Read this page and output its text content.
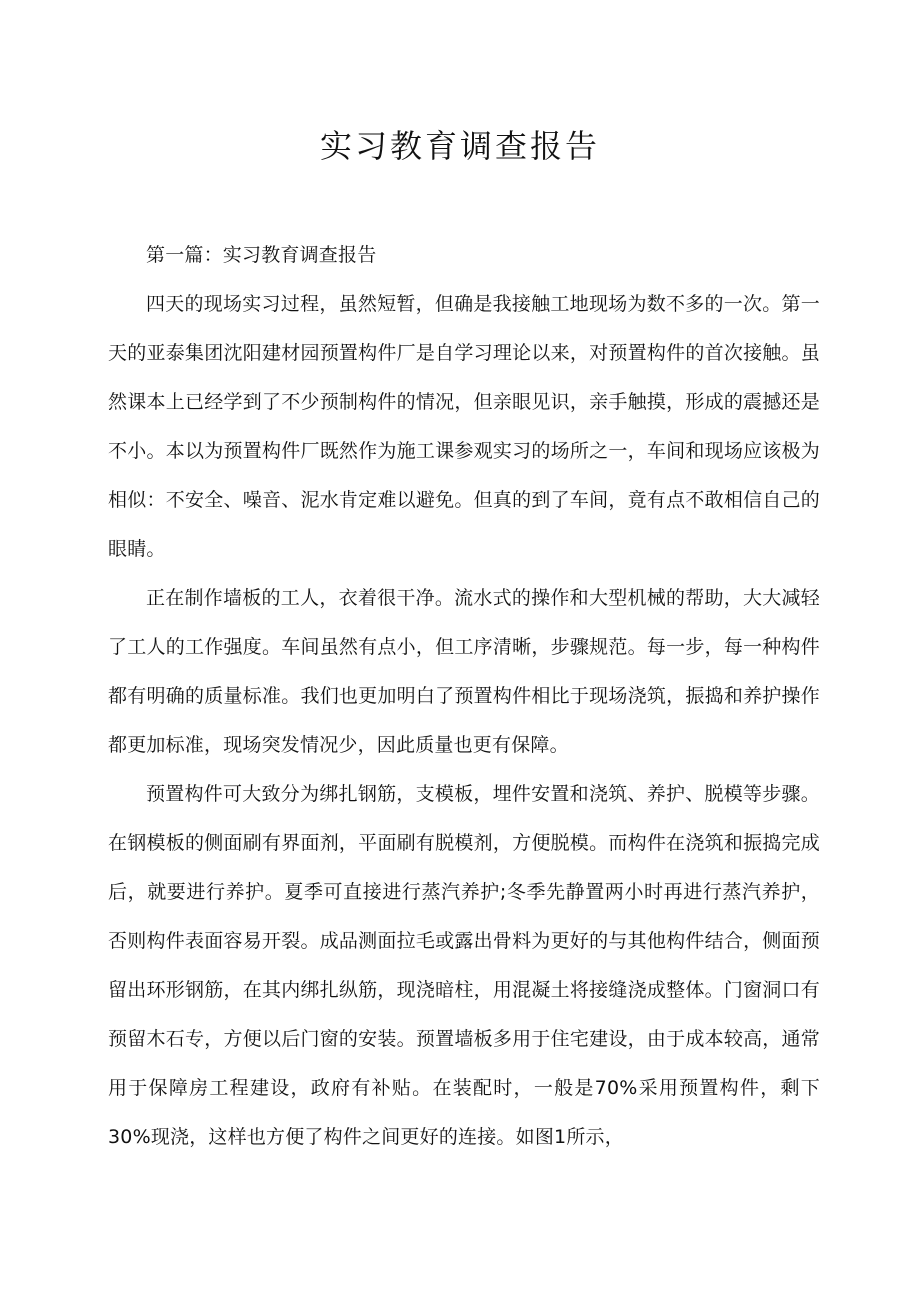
实习教育调查报告

第一篇：实习教育调查报告

四天的现场实习过程，虽然短暂，但确是我接触工地现场为数不多的一次。第一天的亚泰集团沈阳建材园预置构件厂是自学习理论以来，对预置构件的首次接触。虽然课本上已经学到了不少预制构件的情况，但亲眼见识，亲手触摸，形成的震撼还是不小。本以为预置构件厂既然作为施工课参观实习的场所之一，车间和现场应该极为相似：不安全、噪音、泥水肯定难以避免。但真的到了车间，竟有点不敢相信自己的眼睛。

正在制作墙板的工人，衣着很干净。流水式的操作和大型机械的帮助，大大减轻了工人的工作强度。车间虽然有点小，但工序清晰，步骤规范。每一步，每一种构件都有明确的质量标准。我们也更加明白了预置构件相比于现场浇筑，振捣和养护操作都更加标准，现场突发情况少，因此质量也更有保障。

预置构件可大致分为绑扎钢筋，支模板，埋件安置和浇筑、养护、脱模等步骤。在钢模板的侧面刷有界面剂，平面刷有脱模剂，方便脱模。而构件在浇筑和振捣完成后，就要进行养护。夏季可直接进行蒸汽养护;冬季先静置两小时再进行蒸汽养护，否则构件表面容易开裂。成品测面拉毛或露出骨料为更好的与其他构件结合，侧面预留出环形钢筋，在其内绑扎纵筋，现浇暗柱，用混凝土将接缝浇成整体。门窗洞口有预留木石专，方便以后门窗的安装。预置墙板多用于住宅建设，由于成本较高，通常用于保障房工程建设，政府有补贴。在装配时，一般是70%采用预置构件，剩下30%现浇，这样也方便了构件之间更好的连接。如图1所示，
